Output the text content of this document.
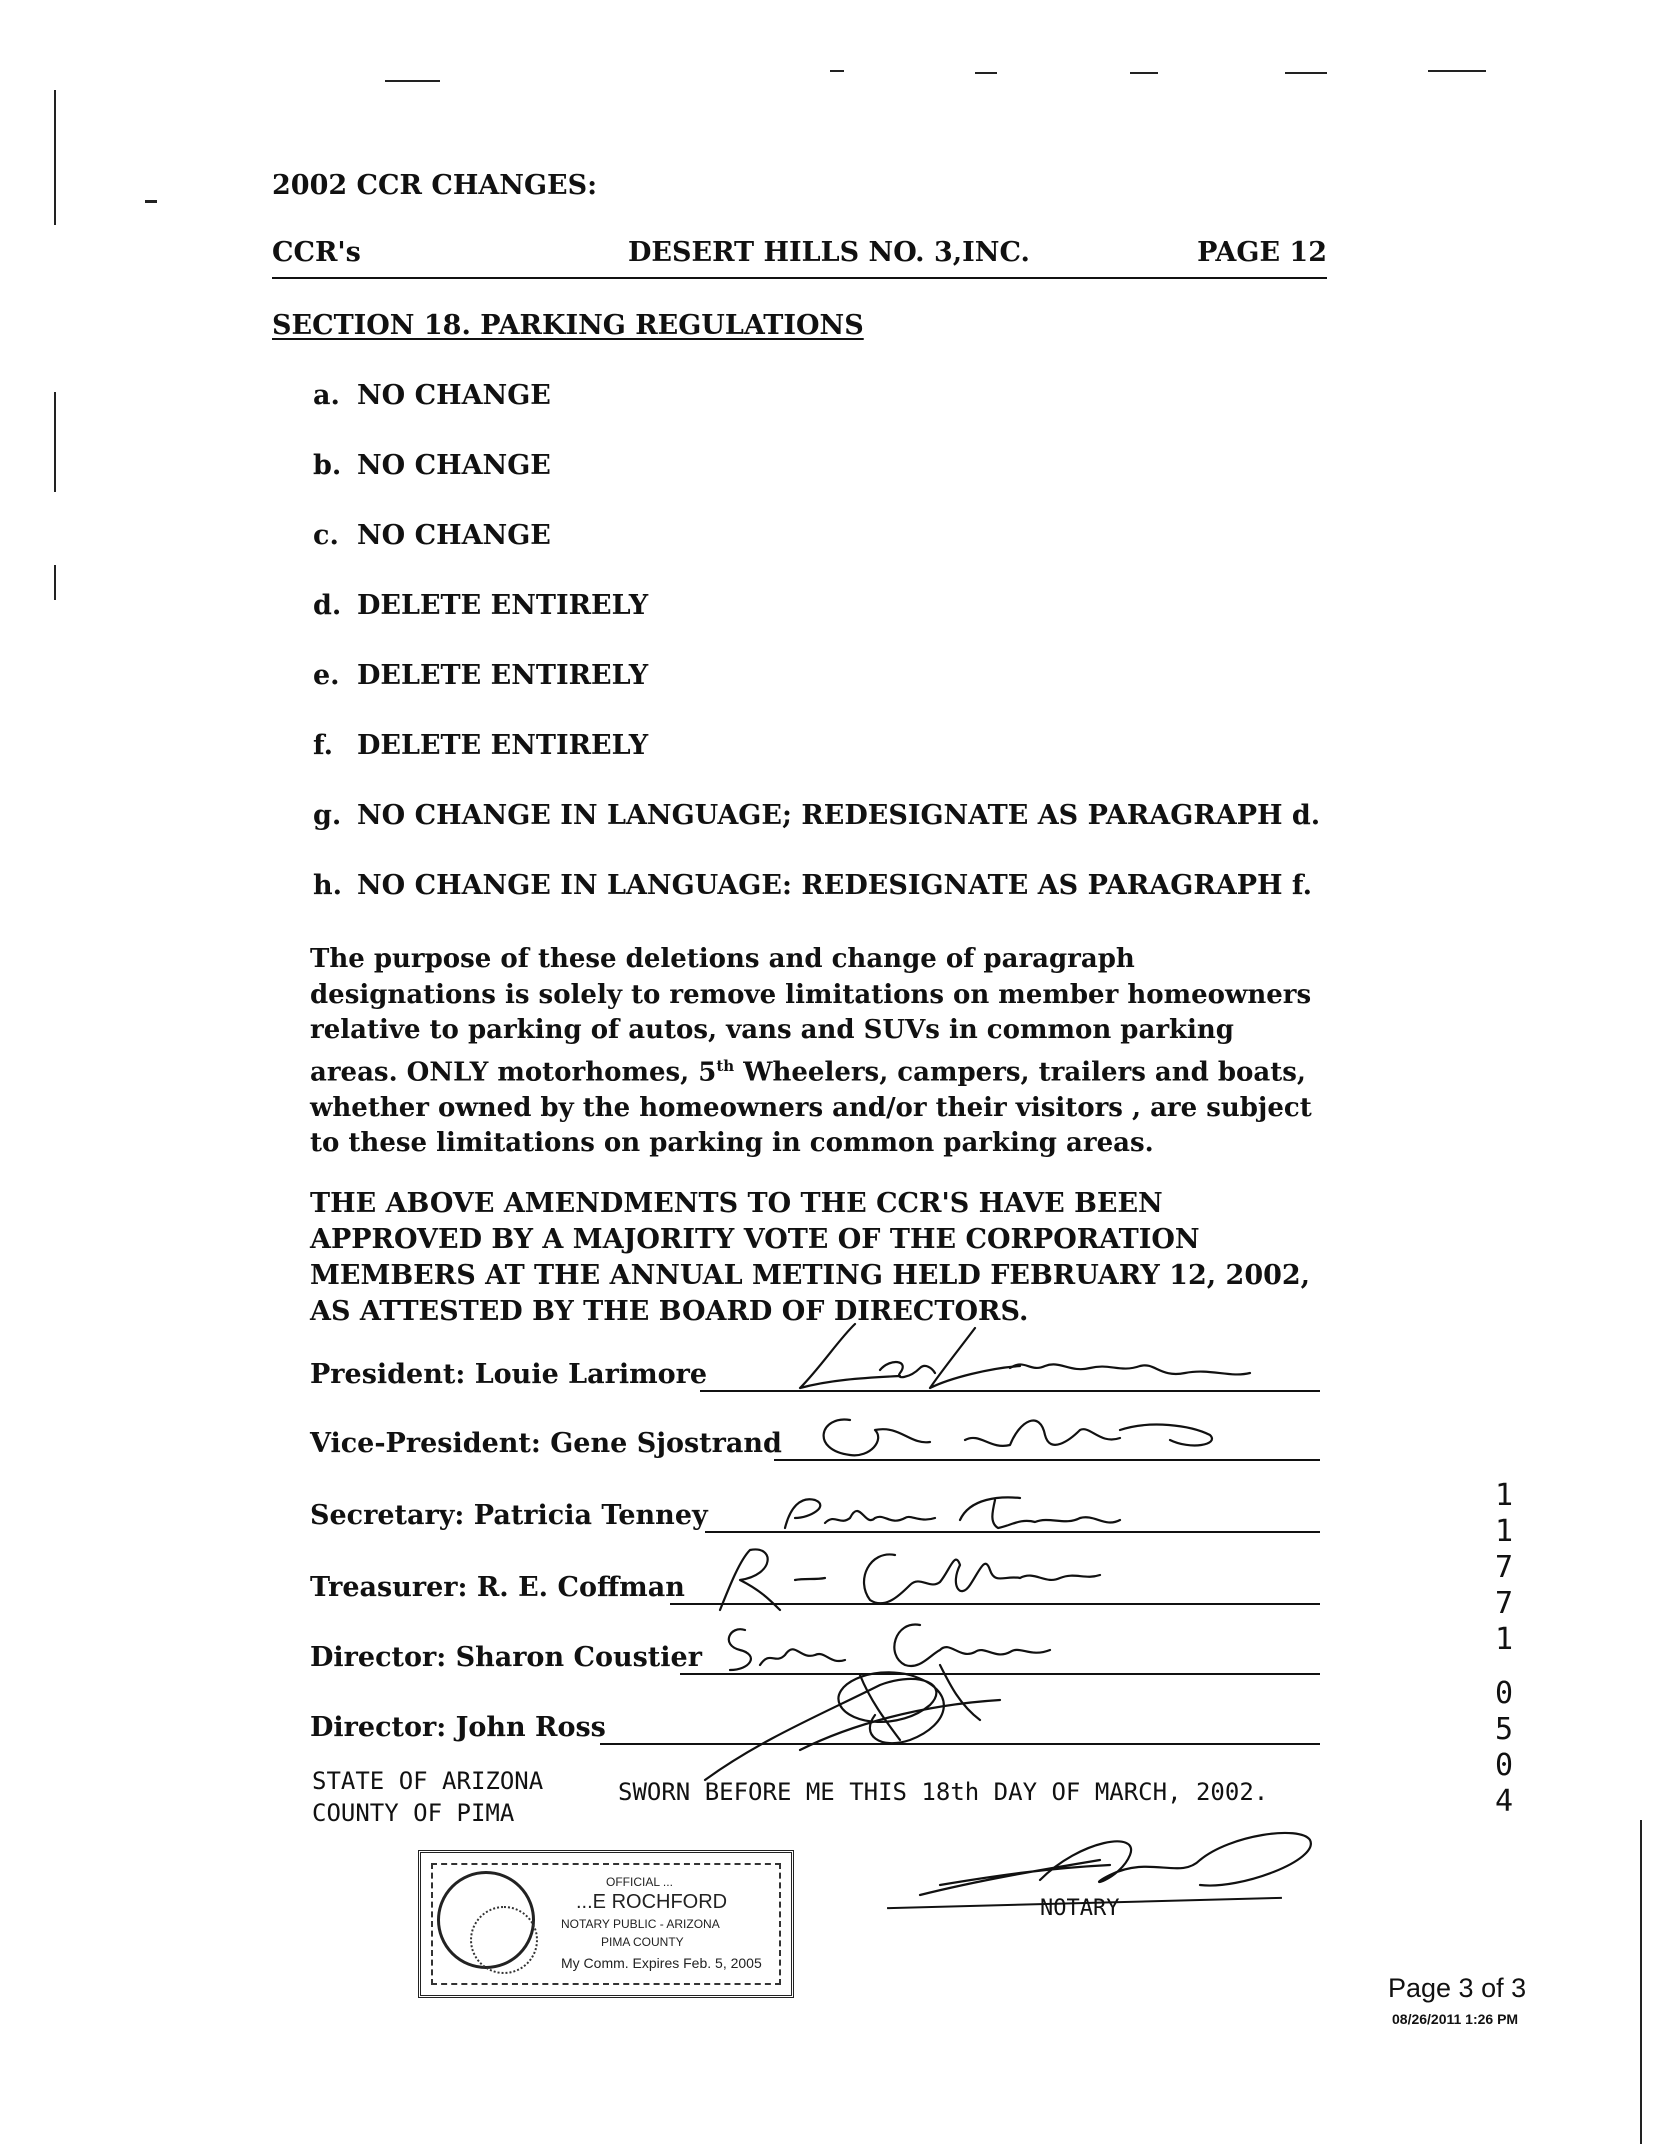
2002 CCR CHANGES:
CCR's	DESERT HILLS NO. 3,INC.	PAGE 12
SECTION 18. PARKING REGULATIONS
a. NO CHANGE
b. NO CHANGE
c. NO CHANGE
d. DELETE ENTIRELY
e. DELETE ENTIRELY
f. DELETE ENTIRELY
g. NO CHANGE IN LANGUAGE; REDESIGNATE AS PARAGRAPH d.
h. NO CHANGE IN LANGUAGE: REDESIGNATE AS PARAGRAPH f.
The purpose of these deletions and change of paragraph designations is solely to remove limitations on member homeowners relative to parking of autos, vans and SUVs in common parking areas. ONLY motorhomes, 5th Wheelers, campers, trailers and boats, whether owned by the homeowners and/or their visitors , are subject to these limitations on parking in common parking areas.
THE ABOVE AMENDMENTS TO THE CCR'S HAVE BEEN APPROVED BY A MAJORITY VOTE OF THE CORPORATION MEMBERS AT THE ANNUAL METING HELD FEBRUARY 12, 2002, AS ATTESTED BY THE BOARD OF DIRECTORS.
President: Louie Larimore
Vice-President: Gene Sjostrand
Secretary: Patricia Tenney
Treasurer: R. E. Coffman
Director: Sharon Coustier
Director: John Ross
STATE OF ARIZONA
COUNTY OF PIMA
SWORN BEFORE ME THIS 18th DAY OF MARCH, 2002.
OFFICIAL ...
...E ROCHFORD
NOTARY PUBLIC - ARIZONA
PIMA COUNTY
My Comm. Expires Feb. 5, 2005
NOTARY
1
1
7
7
1
0
5
0
4
Page 3 of 3
08/26/2011 1:26 PM
